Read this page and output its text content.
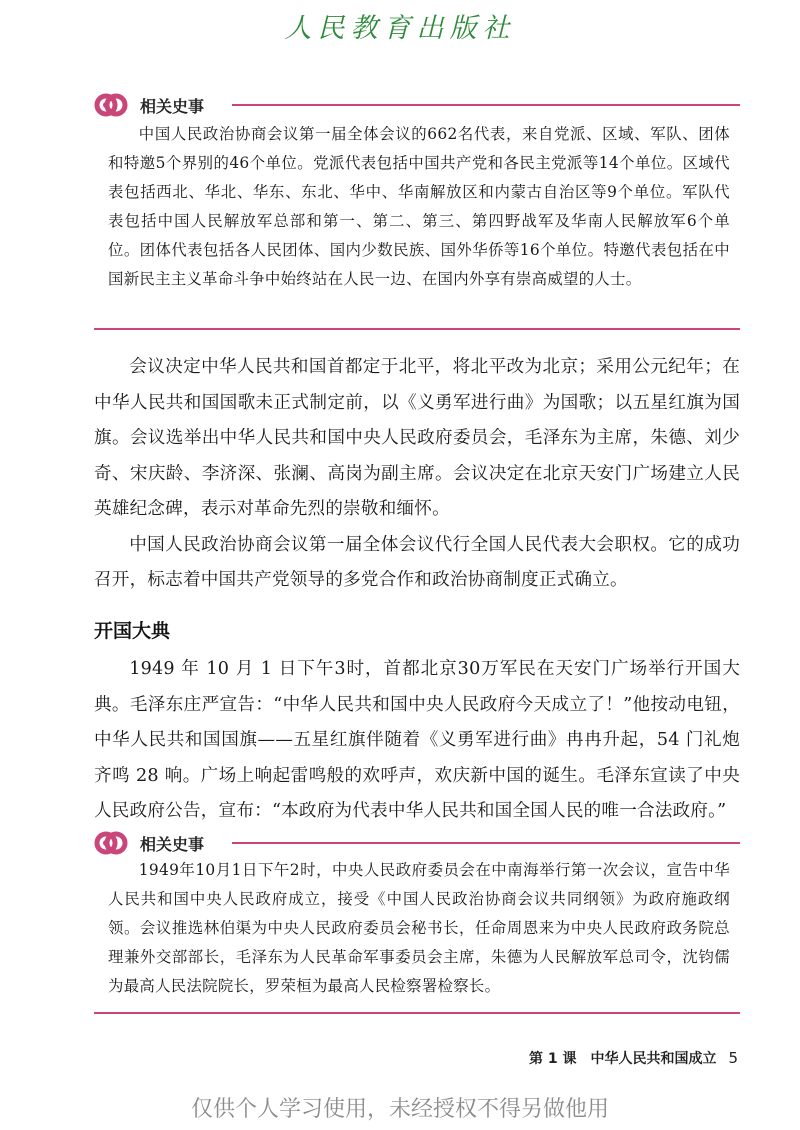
人民教育出版社
相关史事

中国人民政治协商会议第一届全体会议的662名代表，来自党派、区域、军队、团体和特邀5个界别的46个单位。党派代表包括中国共产党和各民主党派等14个单位。区域代表包括西北、华北、华东、东北、华中、华南解放区和内蒙古自治区等9个单位。军队代表包括中国人民解放军总部和第一、第二、第三、第四野战军及华南人民解放军6个单位。团体代表包括各人民团体、国内少数民族、国外华侨等16个单位。特邀代表包括在中国新民主主义革命斗争中始终站在人民一边、在国内外享有崇高威望的人士。

会议决定中华人民共和国首都定于北平，将北平改为北京；采用公元纪年；在中华人民共和国国歌未正式制定前，以《义勇军进行曲》为国歌；以五星红旗为国旗。会议选举出中华人民共和国中央人民政府委员会，毛泽东为主席，朱德、刘少奇、宋庆龄、李济深、张澜、高岗为副主席。会议决定在北京天安门广场建立人民英雄纪念碑，表示对革命先烈的崇敬和缅怀。

中国人民政治协商会议第一届全体会议代行全国人民代表大会职权。它的成功召开，标志着中国共产党领导的多党合作和政治协商制度正式确立。

开国大典

1949 年 10 月 1 日下午3时，首都北京30万军民在天安门广场举行开国大典。毛泽东庄严宣告：“中华人民共和国中央人民政府今天成立了！”他按动电钮，中华人民共和国国旗——五星红旗伴随着《义勇军进行曲》冉冉升起，54 门礼炮齐鸣 28 响。广场上响起雷鸣般的欢呼声，欢庆新中国的诞生。毛泽东宣读了中央人民政府公告，宣布：“本政府为代表中华人民共和国全国人民的唯一合法政府。”

相关史事

1949年10月1日下午2时，中央人民政府委员会在中南海举行第一次会议，宣告中华人民共和国中央人民政府成立，接受《中国人民政治协商会议共同纲领》为政府施政纲领。会议推选林伯渠为中央人民政府委员会秘书长，任命周恩来为中央人民政府政务院总理兼外交部部长，毛泽东为人民革命军事委员会主席，朱德为人民解放军总司令，沈钧儒为最高人民法院院长，罗荣桓为最高人民检察署检察长。

第 1 课　中华人民共和国成立 5
仅供个人学习使用，未经授权不得另做他用
